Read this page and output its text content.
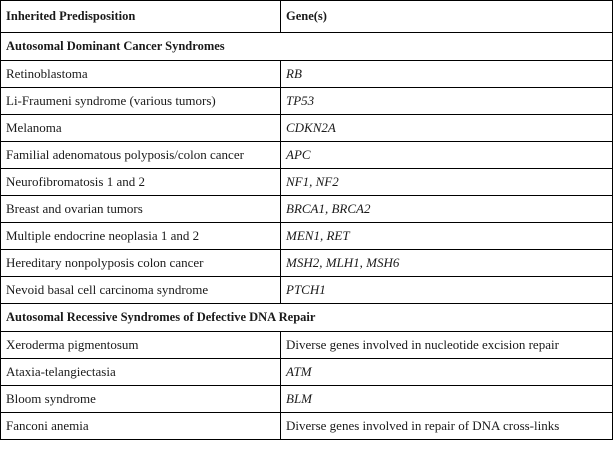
Inherited Predisposition	Gene(s)
Autosomal Dominant Cancer Syndromes	
Retinoblastoma	RB
Li-Fraumeni syndrome (various tumors)	TP53
Melanoma	CDKN2A
Familial adenomatous polyposis/colon cancer	APC
Neurofibromatosis 1 and 2	NF1, NF2
Breast and ovarian tumors	BRCA1, BRCA2
Multiple endocrine neoplasia 1 and 2	MEN1, RET
Hereditary nonpolyposis colon cancer	MSH2, MLH1, MSH6
Nevoid basal cell carcinoma syndrome	PTCH1
Autosomal Recessive Syndromes of Defective DNA Repair	
Xeroderma pigmentosum	Diverse genes involved in nucleotide excision repair
Ataxia-telangiectasia	ATM
Bloom syndrome	BLM
Fanconi anemia	Diverse genes involved in repair of DNA cross-links
